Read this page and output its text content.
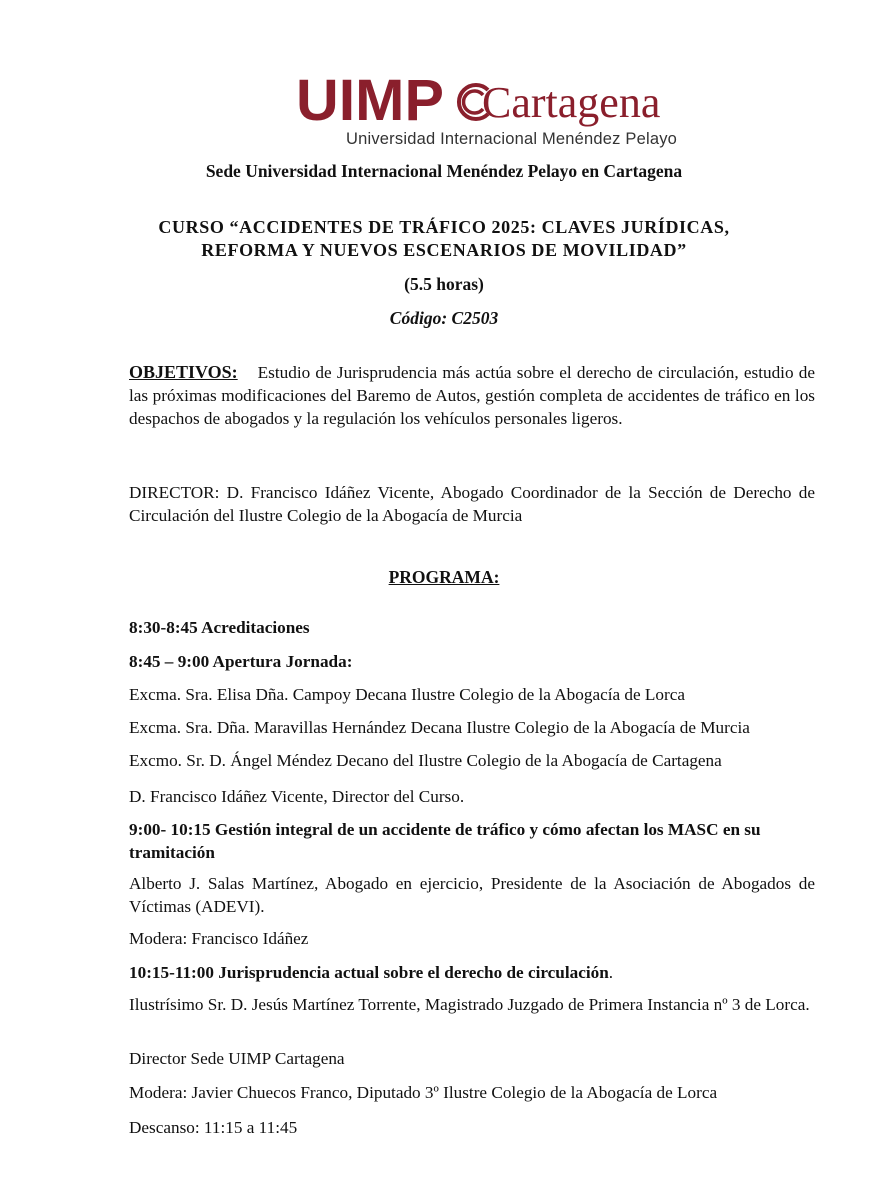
UIMP Cartagena
Universidad Internacional Menéndez Pelayo
Sede Universidad Internacional Menéndez Pelayo en Cartagena
CURSO “ACCIDENTES DE TRÁFICO 2025: CLAVES JURÍDICAS,
REFORMA Y NUEVOS ESCENARIOS DE MOVILIDAD”
(5.5 horas)
Código: C2503
OBJETIVOS: Estudio de Jurisprudencia más actúa sobre el derecho de circulación, estudio de las próximas modificaciones del Baremo de Autos, gestión completa de accidentes de tráfico en los despachos de abogados y la regulación los vehículos personales ligeros.
DIRECTOR: D. Francisco Idáñez Vicente, Abogado Coordinador de la Sección de Derecho de Circulación del Ilustre Colegio de la Abogacía de Murcia
PROGRAMA:
8:30-8:45 Acreditaciones
8:45 – 9:00 Apertura Jornada:
Excma. Sra. Elisa Dña. Campoy Decana Ilustre Colegio de la Abogacía de Lorca
Excma. Sra. Dña. Maravillas Hernández Decana Ilustre Colegio de la Abogacía de Murcia
Excmo. Sr. D. Ángel Méndez Decano del Ilustre Colegio de la Abogacía de Cartagena
D. Francisco Idáñez Vicente, Director del Curso.
9:00- 10:15 Gestión integral de un accidente de tráfico y cómo afectan los MASC en su tramitación
Alberto J. Salas Martínez, Abogado en ejercicio, Presidente de la Asociación de Abogados de Víctimas (ADEVI).
Modera: Francisco Idáñez
10:15-11:00 Jurisprudencia actual sobre el derecho de circulación.
Ilustrísimo Sr. D. Jesús Martínez Torrente, Magistrado Juzgado de Primera Instancia nº 3 de Lorca.
Director Sede UIMP Cartagena
Modera: Javier Chuecos Franco, Diputado 3º Ilustre Colegio de la Abogacía de Lorca
Descanso: 11:15 a 11:45
